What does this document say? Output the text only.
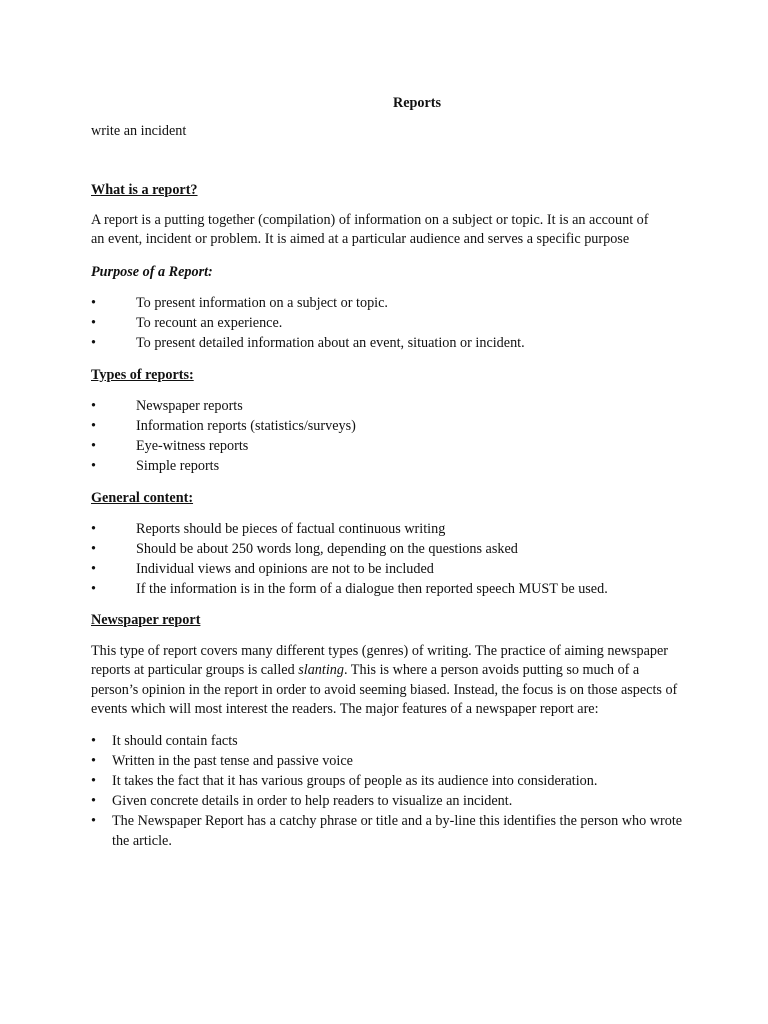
Reports

write an incident

What is a report?

A report is a putting together (compilation) of information on a subject or topic. It is an account of an event, incident or problem. It is aimed at a particular audience and serves a specific purpose

Purpose of a Report:
•	To present information on a subject or topic.
•	To recount an experience.
•	To present detailed information about an event, situation or incident.
Types of reports:
•	Newspaper reports
•	Information reports (statistics/surveys)
•	Eye-witness reports
•	Simple reports
General content:
•	Reports should be pieces of factual continuous writing
•	Should be about 250 words long, depending on the questions asked
•	Individual views and opinions are not to be included
•	If the information is in the form of a dialogue then reported speech MUST be used.
Newspaper report

This type of report covers many different types (genres) of writing. The practice of aiming newspaper reports at particular groups is called slanting. This is where a person avoids putting so much of a person’s opinion in the report in order to avoid seeming biased. Instead, the focus is on those aspects of events which will most interest the readers. The major features of a newspaper report are:

•	It should contain facts
•	Written in the past tense and passive voice
•	It takes the fact that it has various groups of people as its audience into consideration.
•	Given concrete details in order to help readers to visualize an incident.
•	The Newspaper Report has a catchy phrase or title and a by-line this identifies the person who wrote the article.
